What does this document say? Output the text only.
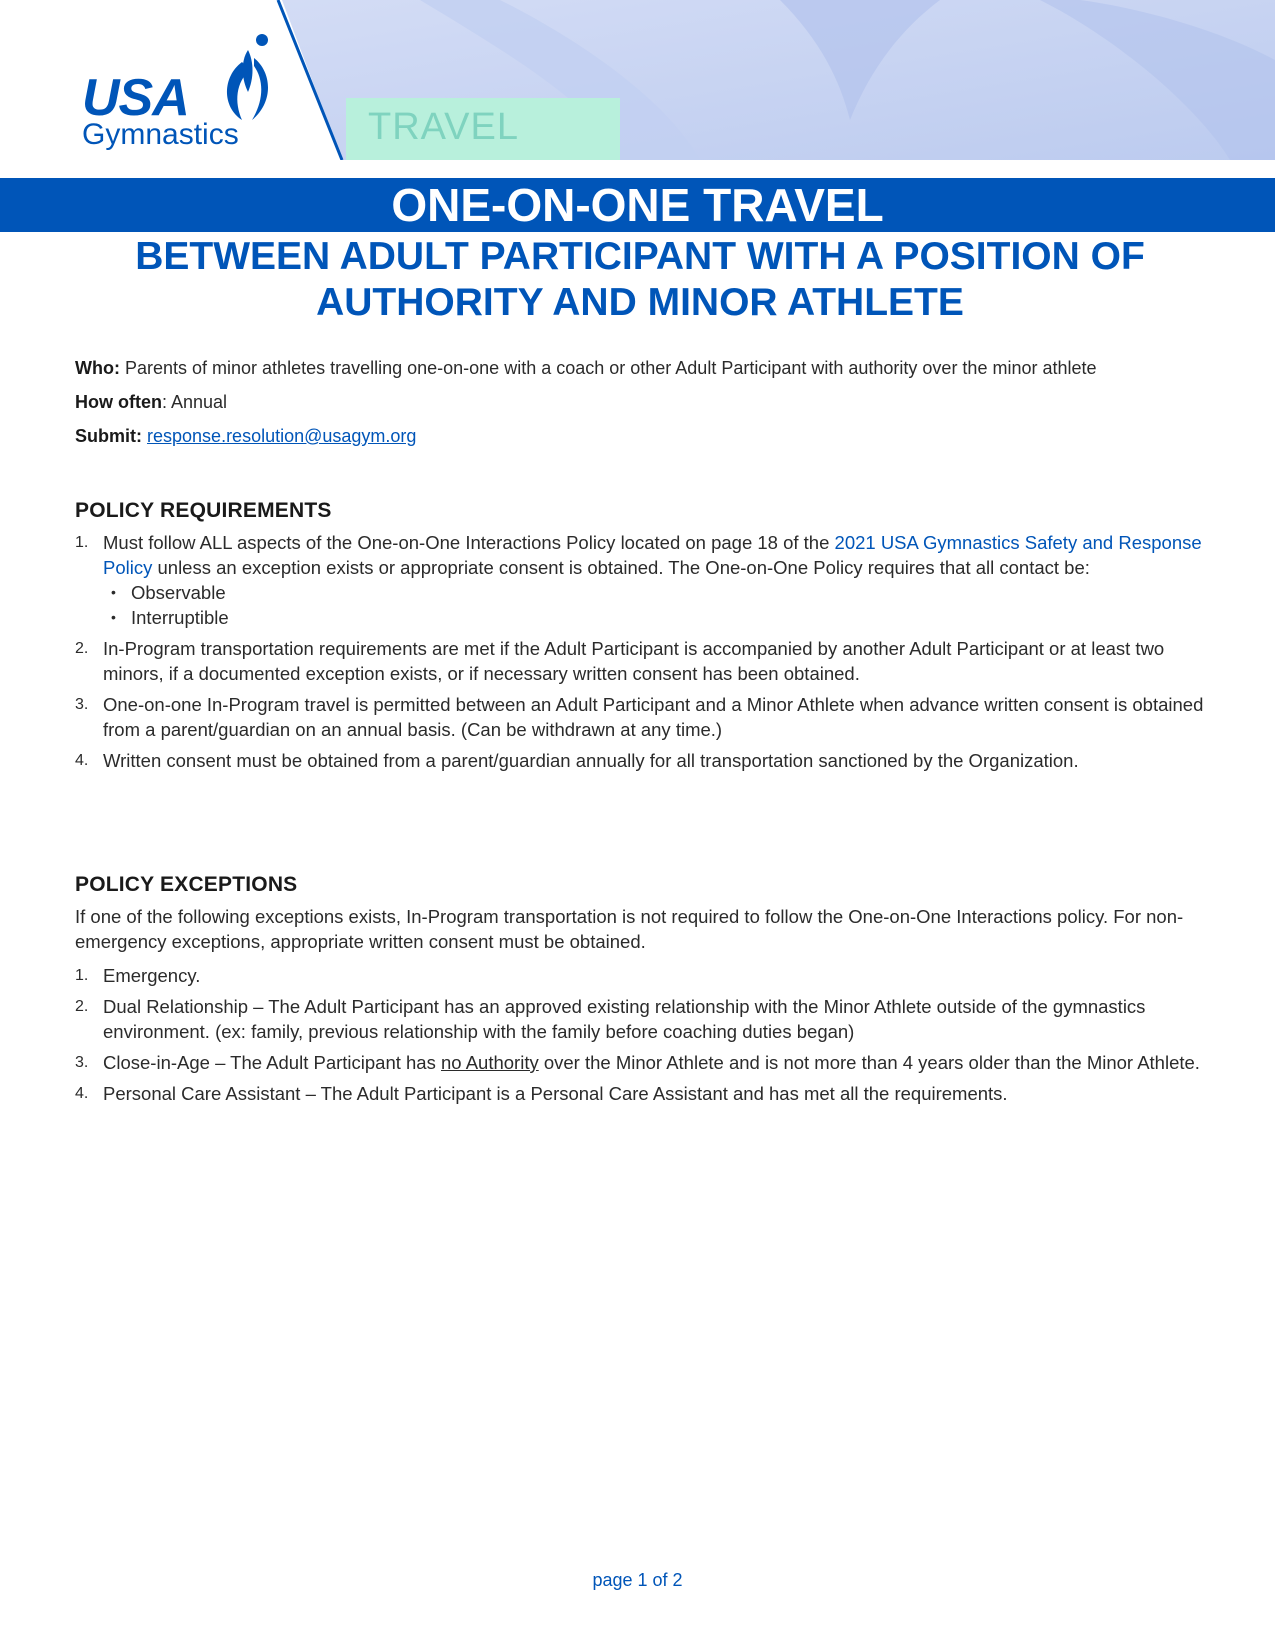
USA
Gymnastics	TRAVEL
ONE-ON-ONE TRAVEL
BETWEEN ADULT PARTICIPANT WITH A POSITION OF
AUTHORITY AND MINOR ATHLETE
Who: Parents of minor athletes travelling one-on-one with a coach or other Adult Participant with authority over the minor athlete
How often: Annual
Submit: response.resolution@usagym.org
POLICY REQUIREMENTS
1. Must follow ALL aspects of the One-on-One Interactions Policy located on page 18 of the 2021 USA Gymnastics Safety and Response Policy unless an exception exists or appropriate consent is obtained. The One-on-One Policy requires that all contact be:
• Observable
• Interruptible
2. In-Program transportation requirements are met if the Adult Participant is accompanied by another Adult Participant or at least two minors, if a documented exception exists, or if necessary written consent has been obtained.
3. One-on-one In-Program travel is permitted between an Adult Participant and a Minor Athlete when advance written consent is obtained from a parent/guardian on an annual basis. (Can be withdrawn at any time.)
4. Written consent must be obtained from a parent/guardian annually for all transportation sanctioned by the Organization.
POLICY EXCEPTIONS
If one of the following exceptions exists, In-Program transportation is not required to follow the One-on-One Interactions policy. For non-emergency exceptions, appropriate written consent must be obtained.
1. Emergency.
2. Dual Relationship – The Adult Participant has an approved existing relationship with the Minor Athlete outside of the gymnastics environment. (ex: family, previous relationship with the family before coaching duties began)
3. Close-in-Age – The Adult Participant has no Authority over the Minor Athlete and is not more than 4 years older than the Minor Athlete.
4. Personal Care Assistant – The Adult Participant is a Personal Care Assistant and has met all the requirements.
page 1 of 2
